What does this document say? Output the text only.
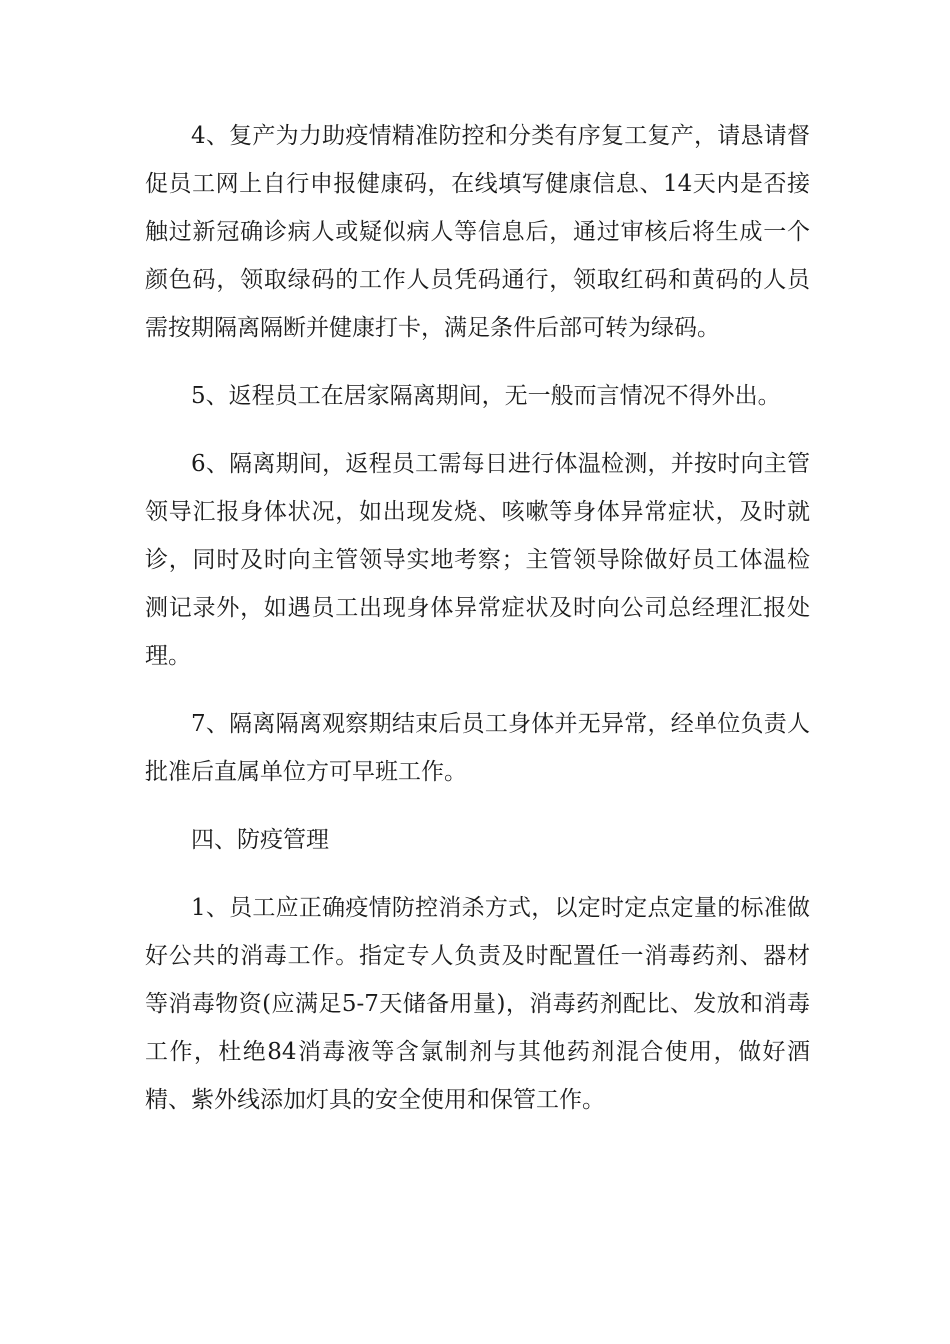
4、复产为力助疫情精准防控和分类有序复工复产，请恳请督促员工网上自行申报健康码，在线填写健康信息、14天内是否接触过新冠确诊病人或疑似病人等信息后，通过审核后将生成一个颜色码，领取绿码的工作人员凭码通行，领取红码和黄码的人员需按期隔离隔断并健康打卡，满足条件后部可转为绿码。

5、返程员工在居家隔离期间，无一般而言情况不得外出。

6、隔离期间，返程员工需每日进行体温检测，并按时向主管领导汇报身体状况，如出现发烧、咳嗽等身体异常症状，及时就诊，同时及时向主管领导实地考察；主管领导除做好员工体温检测记录外，如遇员工出现身体异常症状及时向公司总经理汇报处理。

7、隔离隔离观察期结束后员工身体并无异常，经单位负责人批准后直属单位方可早班工作。

四、防疫管理

1、员工应正确疫情防控消杀方式，以定时定点定量的标准做好公共的消毒工作。指定专人负责及时配置任一消毒药剂、器材等消毒物资(应满足5-7天储备用量)，消毒药剂配比、发放和消毒工作，杜绝84消毒液等含氯制剂与其他药剂混合使用，做好酒精、紫外线添加灯具的安全使用和保管工作。
